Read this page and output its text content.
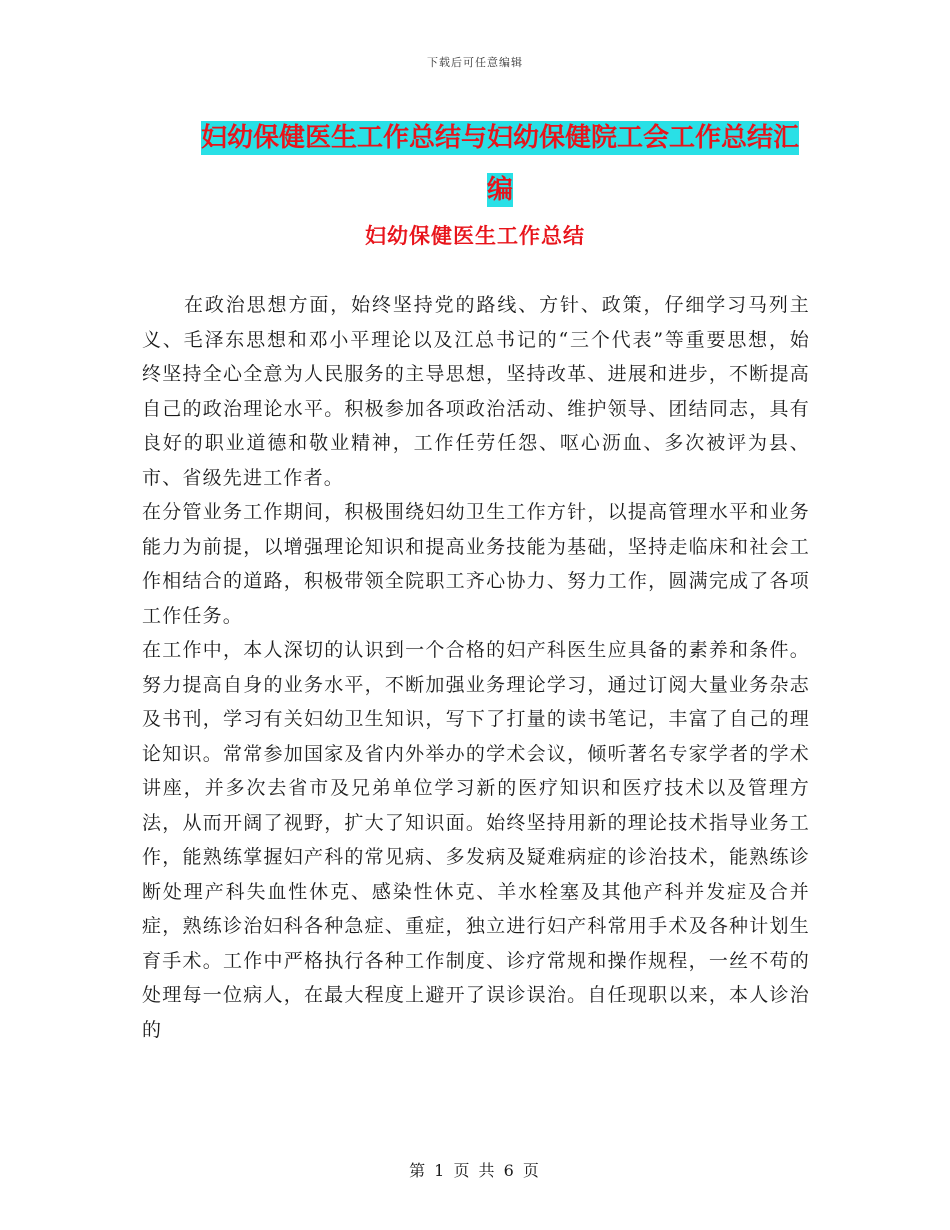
下载后可任意编辑
妇幼保健医生工作总结与妇幼保健院工会工作总结汇编
妇幼保健医生工作总结

在政治思想方面，始终坚持党的路线、方针、政策，仔细学习马列主义、毛泽东思想和邓小平理论以及江总书记的“三个代表”等重要思想，始终坚持全心全意为人民服务的主导思想，坚持改革、进展和进步，不断提高自己的政治理论水平。积极参加各项政治活动、维护领导、团结同志，具有良好的职业道德和敬业精神，工作任劳任怨、呕心沥血、多次被评为县、市、省级先进工作者。

在分管业务工作期间，积极围绕妇幼卫生工作方针，以提高管理水平和业务能力为前提，以增强理论知识和提高业务技能为基础，坚持走临床和社会工作相结合的道路，积极带领全院职工齐心协力、努力工作，圆满完成了各项工作任务。

在工作中，本人深切的认识到一个合格的妇产科医生应具备的素养和条件。努力提高自身的业务水平，不断加强业务理论学习，通过订阅大量业务杂志及书刊，学习有关妇幼卫生知识，写下了打量的读书笔记，丰富了自己的理论知识。常常参加国家及省内外举办的学术会议，倾听著名专家学者的学术讲座，并多次去省市及兄弟单位学习新的医疗知识和医疗技术以及管理方法，从而开阔了视野，扩大了知识面。始终坚持用新的理论技术指导业务工作，能熟练掌握妇产科的常见病、多发病及疑难病症的诊治技术，能熟练诊断处理产科失血性休克、感染性休克、羊水栓塞及其他产科并发症及合并症，熟练诊治妇科各种急症、重症，独立进行妇产科常用手术及各种计划生育手术。工作中严格执行各种工作制度、诊疗常规和操作规程，一丝不苟的处理每一位病人，在最大程度上避开了误诊误治。自任现职以来，本人诊治的

第 1 页 共 6 页
